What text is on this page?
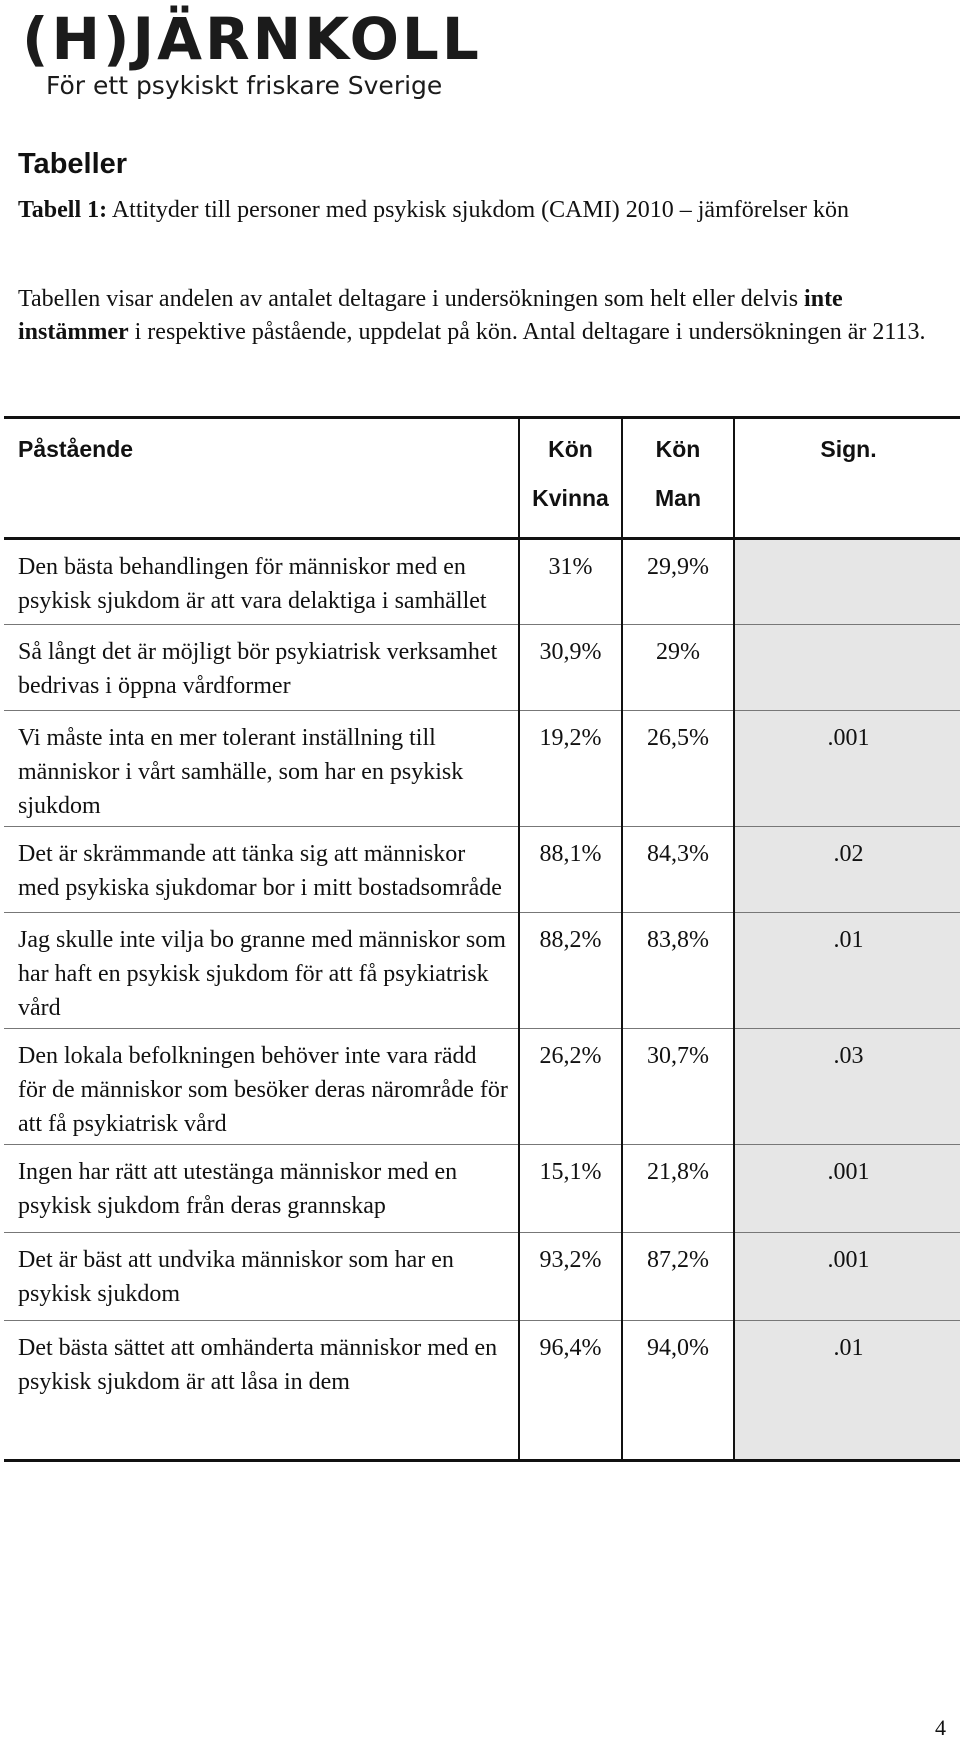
(H)JÄRNKOLL
För ett psykiskt friskare Sverige
Tabeller
Tabell 1: Attityder till personer med psykisk sjukdom (CAMI) 2010 – jämförelser kön
Tabellen visar andelen av antalet deltagare i undersökningen som helt eller delvis inte instämmer i respektive påstående, uppdelat på kön. Antal deltagare i undersökningen är 2113.
Påstående	Kön	Kön	Sign.
	Kvinna	Man	
Den bästa behandlingen för människor med en psykisk sjukdom är att vara delaktiga i samhället	31%	29,9%	
Så långt det är möjligt bör psykiatrisk verksamhet bedrivas i öppna vårdformer	30,9%	29%	
Vi måste inta en mer tolerant inställning till människor i vårt samhälle, som har en psykisk sjukdom	19,2%	26,5%	.001
Det är skrämmande att tänka sig att människor med psykiska sjukdomar bor i mitt bostadsområde	88,1%	84,3%	.02
Jag skulle inte vilja bo granne med människor som har haft en psykisk sjukdom för att få psykiatrisk vård	88,2%	83,8%	.01
Den lokala befolkningen behöver inte vara rädd för de människor som besöker deras närområde för att få psykiatrisk vård	26,2%	30,7%	.03
Ingen har rätt att utestänga människor med en psykisk sjukdom från deras grannskap	15,1%	21,8%	.001
Det är bäst att undvika människor som har en psykisk sjukdom	93,2%	87,2%	.001
Det bästa sättet att omhänderta människor med en psykisk sjukdom är att låsa in dem	96,4%	94,0%	.01
4
